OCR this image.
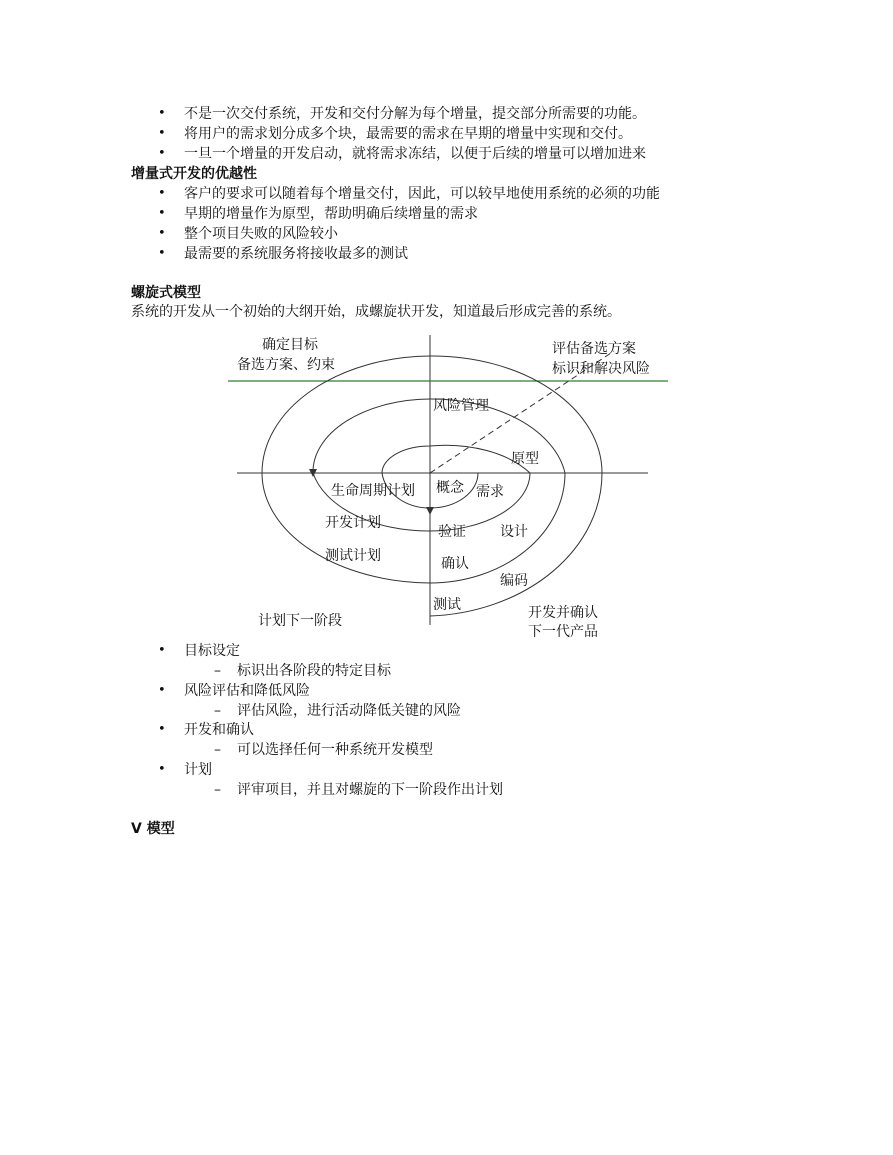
• 不是一次交付系统，开发和交付分解为每个增量，提交部分所需要的功能。
• 将用户的需求划分成多个块，最需要的需求在早期的增量中实现和交付。
• 一旦一个增量的开发启动，就将需求冻结，以便于后续的增量可以增加进来
增量式开发的优越性
• 客户的要求可以随着每个增量交付，因此，可以较早地使用系统的必须的功能
• 早期的增量作为原型，帮助明确后续增量的需求
• 整个项目失败的风险较小
• 最需要的系统服务将接收最多的测试
螺旋式模型
系统的开发从一个初始的大纲开始，成螺旋状开发，知道最后形成完善的系统。
确定目标
备选方案、约束
评估备选方案
标识和解决风险
风险管理
原型
生命周期计划 概念 需求
开发计划
验证 设计
测试计划	确认
编码
测试
计划下一阶段	开发并确认
下一代产品
• 目标设定
– 标识出各阶段的特定目标
• 风险评估和降低风险
– 评估风险，进行活动降低关键的风险
• 开发和确认
– 可以选择任何一种系统开发模型
• 计划
– 评审项目，并且对螺旋的下一阶段作出计划
V 模型
